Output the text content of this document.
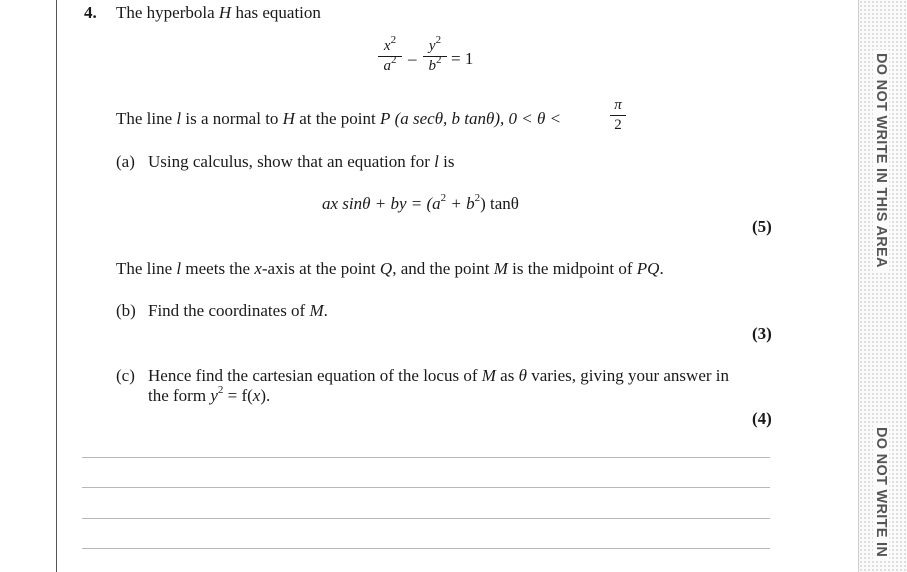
4. The hyperbola H has equation
$x^2$
$a^2$ –
$y^2$
$b^2 = 1$
The line l is a normal to H at the point P (a secθ, b tanθ), 0 < θ <
π
2
(a) Using calculus, show that an equation for l is
ax sinθ + by = $(a^2 + b^2)$ tanθ
(5)
The line l meets the x-axis at the point Q, and the point M is the midpoint of PQ.
(b) Find the coordinates of M.
(3)
(c) Hence find the cartesian equation of the locus of M as θ varies, giving your answer in
the form $y^2 = f(x)$.
(4)
DO NOT WRITE IN THIS AREA
DO NOT WRITE IN
